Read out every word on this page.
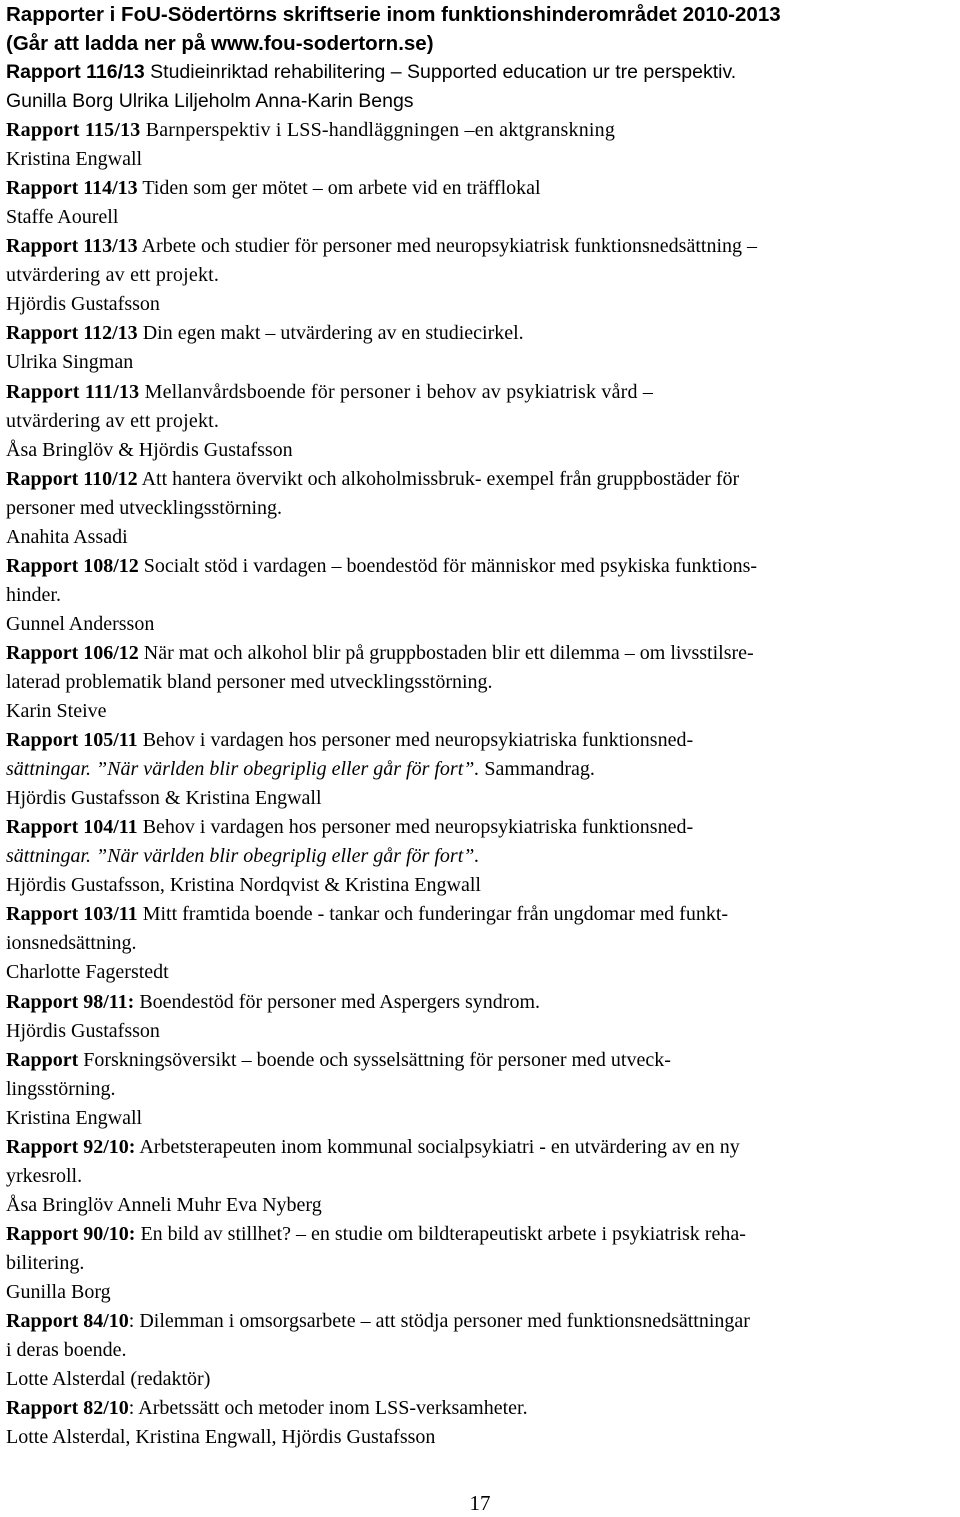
Rapporter i FoU-Södertörns skriftserie inom funktionshinderområdet 2010-2013
(Går att ladda ner på www.fou-sodertorn.se)
Rapport 116/13 Studieinriktad rehabilitering – Supported education ur tre perspektiv.
Gunilla Borg Ulrika Liljeholm Anna-Karin Bengs
Rapport 115/13 Barnperspektiv i LSS-handläggningen –en aktgranskning
Kristina Engwall
Rapport 114/13 Tiden som ger mötet – om arbete vid en träfflokal
Staffe Aourell
Rapport 113/13 Arbete och studier för personer med neuropsykiatrisk funktionsnedsättning –
utvärdering av ett projekt.
Hjördis Gustafsson
Rapport 112/13 Din egen makt – utvärdering av en studiecirkel.
Ulrika Singman
Rapport 111/13 Mellanvårdsboende för personer i behov av psykiatrisk vård –
utvärdering av ett projekt.
Åsa Bringlöv & Hjördis Gustafsson
Rapport 110/12 Att hantera övervikt och alkoholmissbruk- exempel från gruppbostäder för
personer med utvecklingsstörning.
Anahita Assadi
Rapport 108/12 Socialt stöd i vardagen – boendestöd för människor med psykiska funktions-
hinder.
Gunnel Andersson
Rapport 106/12 När mat och alkohol blir på gruppbostaden blir ett dilemma – om livsstilsre-
laterad problematik bland personer med utvecklingsstörning.
Karin Steive
Rapport 105/11 Behov i vardagen hos personer med neuropsykiatriska funktionsned-
sättningar. ”När världen blir obegriplig eller går för fort”. Sammandrag.
Hjördis Gustafsson & Kristina Engwall
Rapport 104/11 Behov i vardagen hos personer med neuropsykiatriska funktionsned-
sättningar. ”När världen blir obegriplig eller går för fort”.
Hjördis Gustafsson, Kristina Nordqvist & Kristina Engwall
Rapport 103/11 Mitt framtida boende - tankar och funderingar från ungdomar med funkt-
ionsnedsättning.
Charlotte Fagerstedt
Rapport 98/11: Boendestöd för personer med Aspergers syndrom.
Hjördis Gustafsson
Rapport Forskningsöversikt – boende och sysselsättning för personer med utveck-
lingsstörning.
Kristina Engwall
Rapport 92/10: Arbetsterapeuten inom kommunal socialpsykiatri - en utvärdering av en ny
yrkesroll.
Åsa Bringlöv Anneli Muhr Eva Nyberg
Rapport 90/10: En bild av stillhet? – en studie om bildterapeutiskt arbete i psykiatrisk reha-
bilitering.
Gunilla Borg
Rapport 84/10: Dilemman i omsorgsarbete – att stödja personer med funktionsnedsättningar
i deras boende.
Lotte Alsterdal (redaktör)
Rapport 82/10: Arbetssätt och metoder inom LSS-verksamheter.
Lotte Alsterdal, Kristina Engwall, Hjördis Gustafsson
17
